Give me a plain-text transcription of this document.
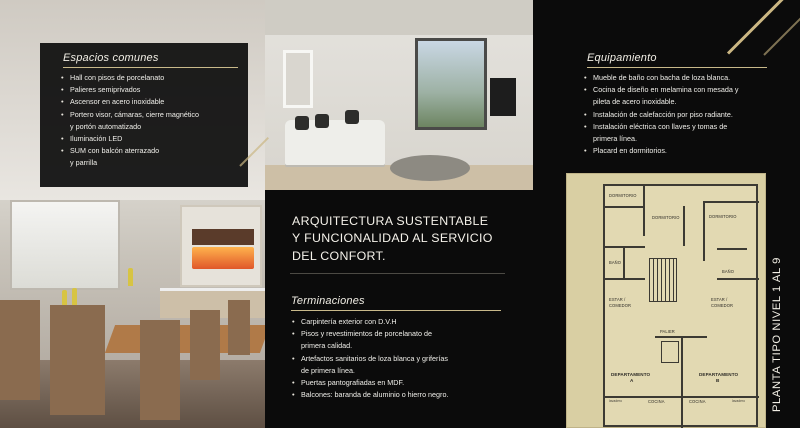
Espacios comunes
• Hall con pisos de porcelanato
• Palieres semiprivados
• Ascensor en acero inoxidable
• Portero visor, cámaras, cierre magnético
y portón automatizado
• Iluminación LED
• SUM con balcón aterrazado
y parrilla
ARQUITECTURA SUSTENTABLE
Y FUNCIONALIDAD AL SERVICIO
DEL CONFORT.
Terminaciones
• Carpintería exterior con D.V.H
• Pisos y revestimientos de porcelanato de
primera calidad.
• Artefactos sanitarios de loza blanca y griferías
de primera línea.
• Puertas pantografiadas en MDF.
• Balcones: baranda de aluminio o hierro negro.
Equipamiento
• Mueble de baño con bacha de loza blanca.
• Cocina de diseño en melamina con mesada y
pileta de acero inoxidable.
• Instalación de calefacción por piso radiante.
• Instalación eléctrica con llaves y tomas de
primera línea.
• Placard en dormitorios.
DORMITORIO
DORMITORIO	DORMITORIO
BAÑO
BAÑO
ESTAR /
COMEDOR
ESTAR /
COMEDOR
PALIER
DEPARTAMENTO
A
DEPARTAMENTO
B
COCINA	COCINA
lavadero	lavadero PLANTA TIPO NIVEL 1 AL 9
